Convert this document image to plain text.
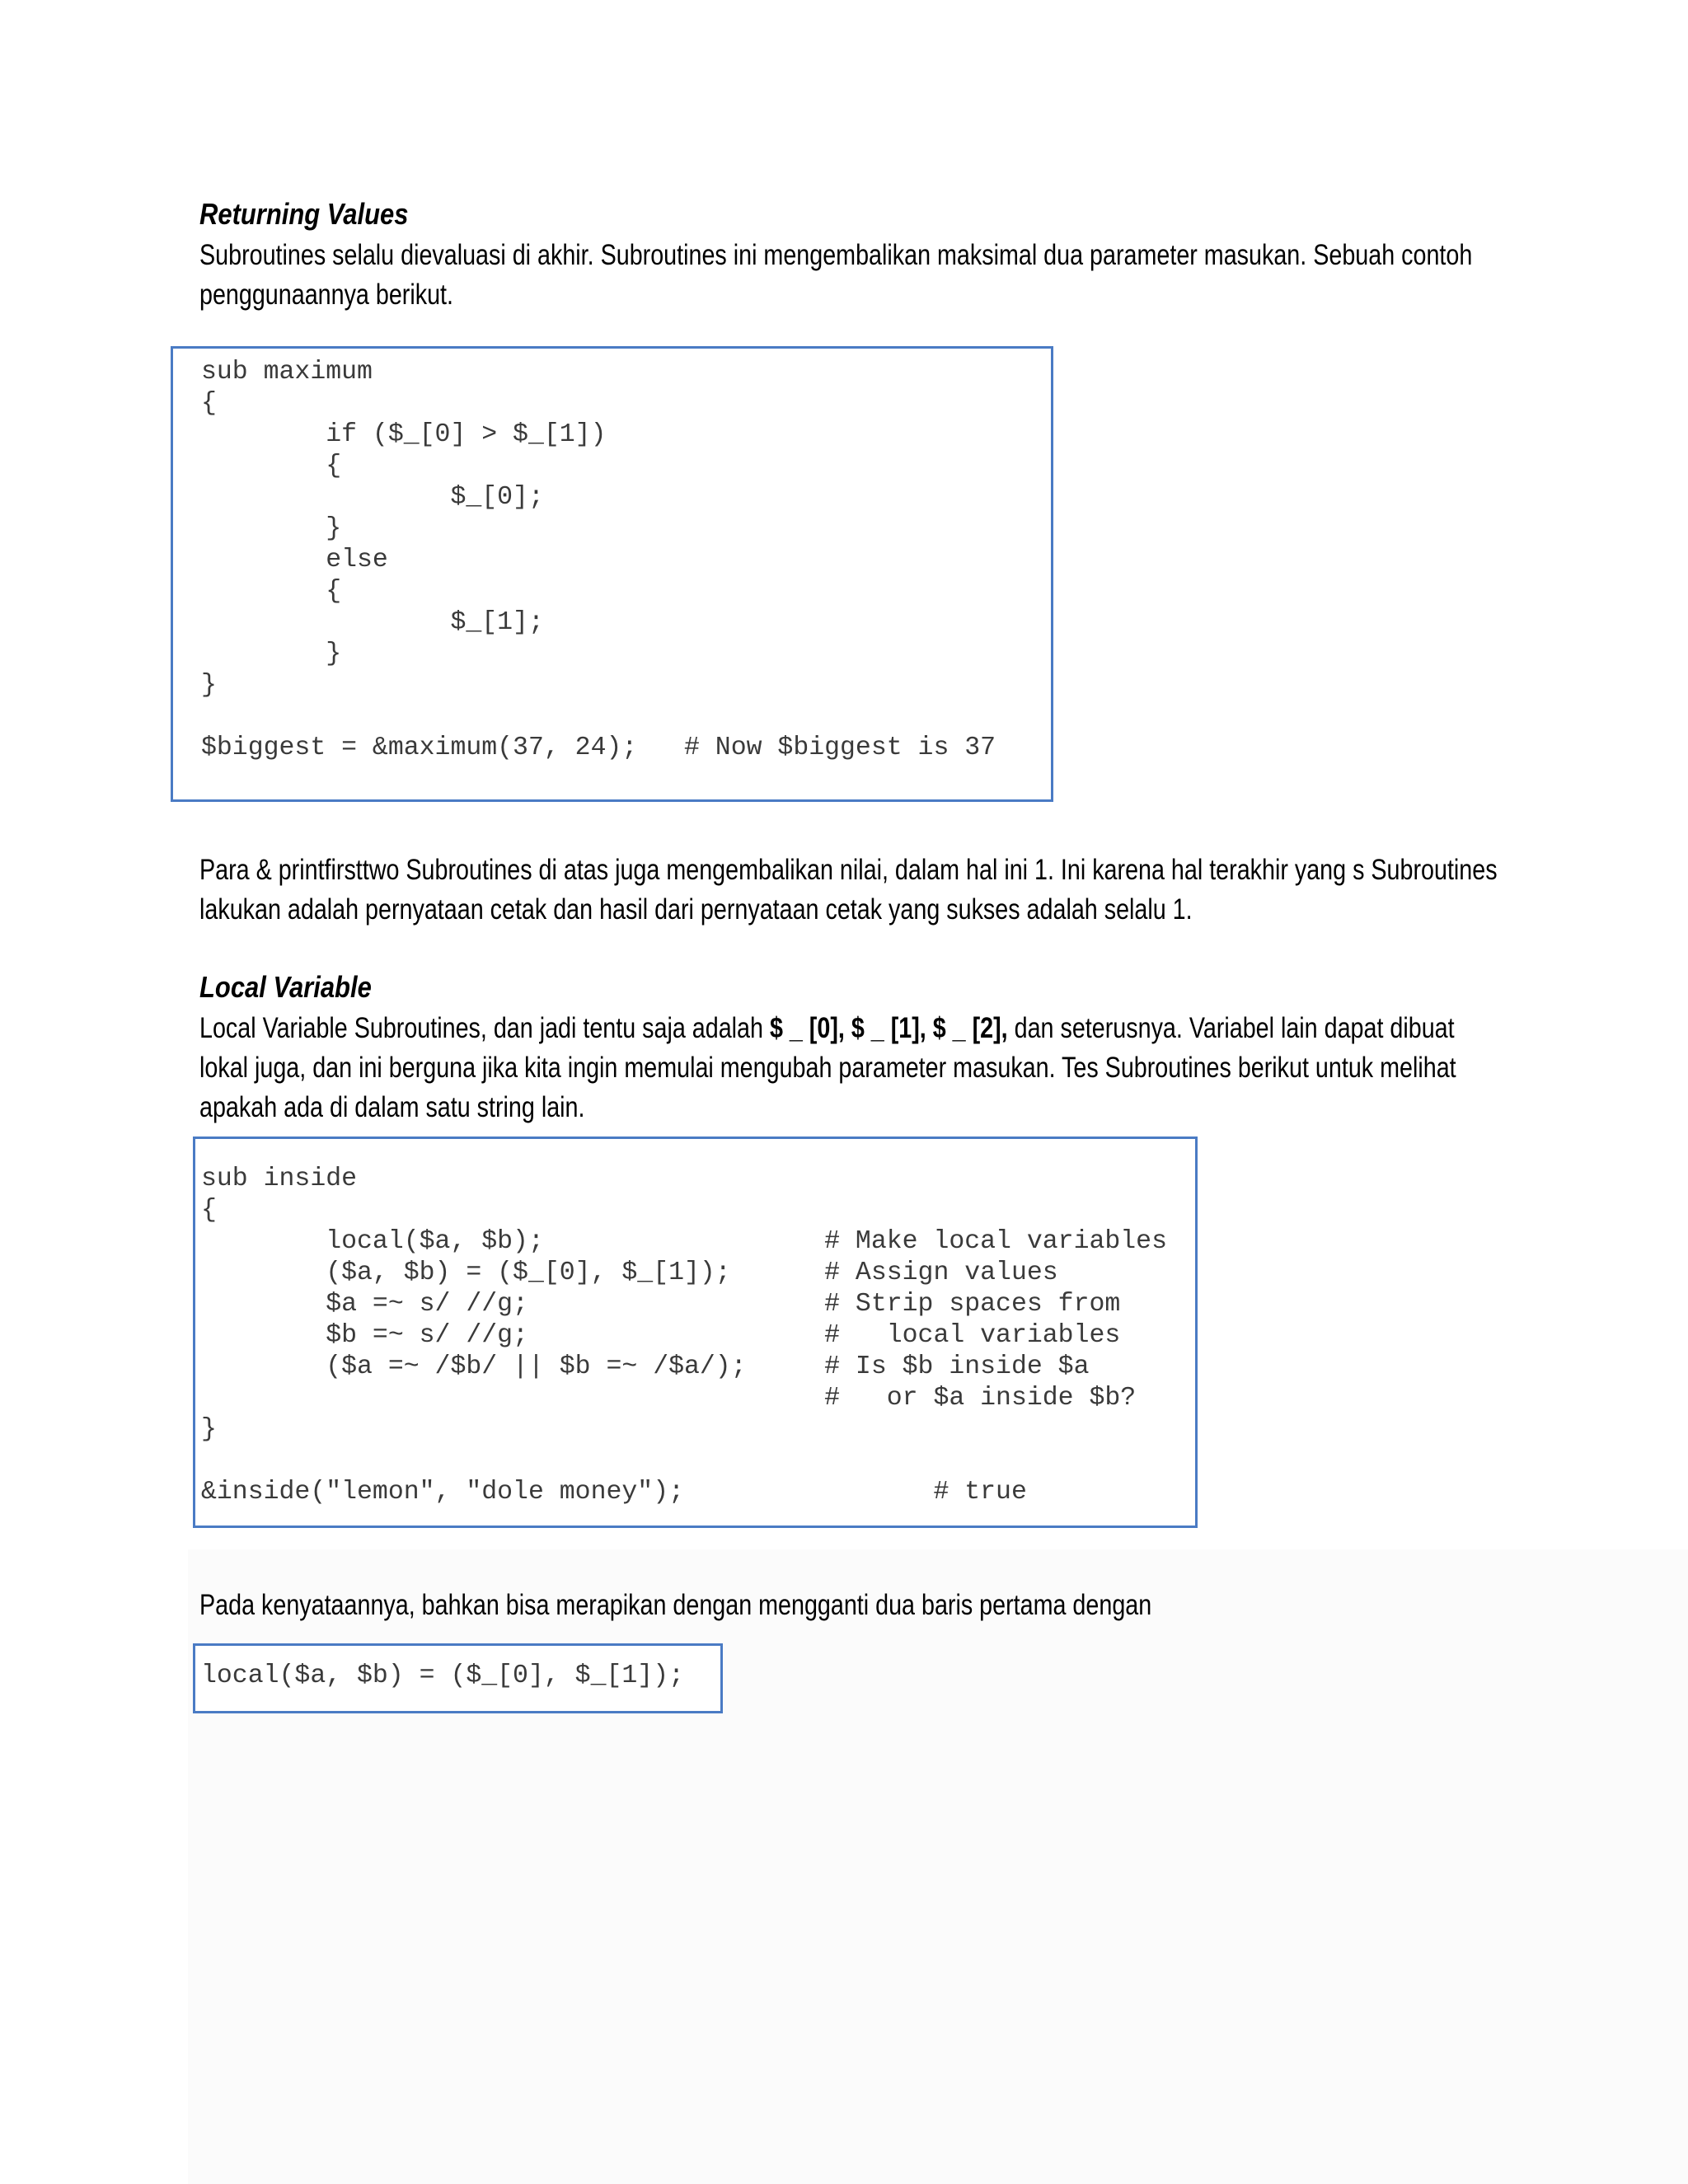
Returning Values

Subroutines selalu dievaluasi di akhir. Subroutines ini mengembalikan maksimal dua parameter masukan. Sebuah contoh
penggunaannya berikut.

sub maximum
{
if ($_[0] > $_[1])
{
$_[0];
}
else
{
$_[1];
}
}

$biggest = &maximum(37, 24);   # Now $biggest is 37

Para & printfirsttwo Subroutines di atas juga mengembalikan nilai, dalam hal ini 1. Ini karena hal terakhir yang s Subroutines
lakukan adalah pernyataan cetak dan hasil dari pernyataan cetak yang sukses adalah selalu 1.

Local Variable

Local Variable Subroutines, dan jadi tentu saja adalah $ _ [0], $ _ [1], $ _ [2], dan seterusnya. Variabel lain dapat dibuat
lokal juga, dan ini berguna jika kita ingin memulai mengubah parameter masukan. Tes Subroutines berikut untuk melihat
apakah ada di dalam satu string lain.

sub inside
{
local($a, $b);                  # Make local variables
($a, $b) = ($_[0], $_[1]);      # Assign values
$a =~ s/ //g;                   # Strip spaces from
$b =~ s/ //g;                   #   local variables
($a =~ /$b/ || $b =~ /$a/);     # Is $b inside $a
#   or $a inside $b?
}

&inside("lemon", "dole money");                # true

Pada kenyataannya, bahkan bisa merapikan dengan mengganti dua baris pertama dengan

local($a, $b) = ($_[0], $_[1]);
